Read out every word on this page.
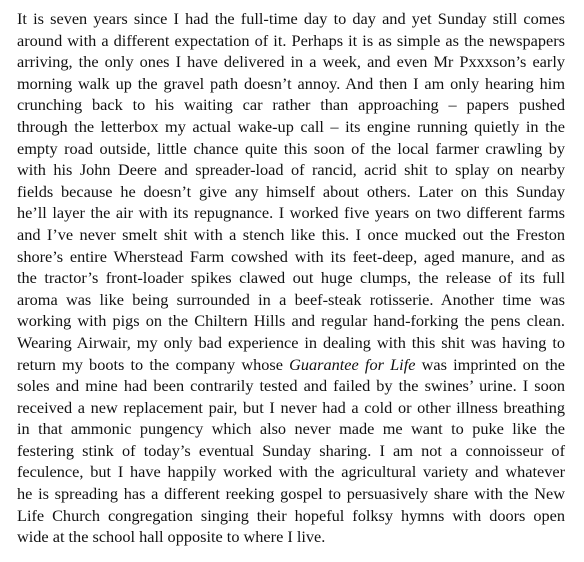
It is seven years since I had the full-time day to day and yet Sunday still comes
around with a different expectation of it. Perhaps it is as simple as the newspapers
arriving, the only ones I have delivered in a week, and even Mr Pxxxson’s early
morning walk up the gravel path doesn’t annoy. And then I am only hearing him
crunching back to his waiting car rather than approaching – papers pushed
through the letterbox my actual wake-up call – its engine running quietly in the
empty road outside, little chance quite this soon of the local farmer crawling by
with his John Deere and spreader-load of rancid, acrid shit to splay on nearby
fields because he doesn’t give any himself about others. Later on this Sunday
he’ll layer the air with its repugnance. I worked five years on two different farms
and I’ve never smelt shit with a stench like this. I once mucked out the Freston
shore’s entire Wherstead Farm cowshed with its feet-deep, aged manure, and as
the tractor’s front-loader spikes clawed out huge clumps, the release of its full
aroma was like being surrounded in a beef-steak rotisserie. Another time was
working with pigs on the Chiltern Hills and regular hand-forking the pens clean.
Wearing Airwair, my only bad experience in dealing with this shit was having to
return my boots to the company whose Guarantee for Life was imprinted on the
soles and mine had been contrarily tested and failed by the swines’ urine. I soon
received a new replacement pair, but I never had a cold or other illness breathing
in that ammonic pungency which also never made me want to puke like the
festering stink of today’s eventual Sunday sharing. I am not a connoisseur of
feculence, but I have happily worked with the agricultural variety and whatever
he is spreading has a different reeking gospel to persuasively share with the New
Life Church congregation singing their hopeful folksy hymns with doors open
wide at the school hall opposite to where I live.
